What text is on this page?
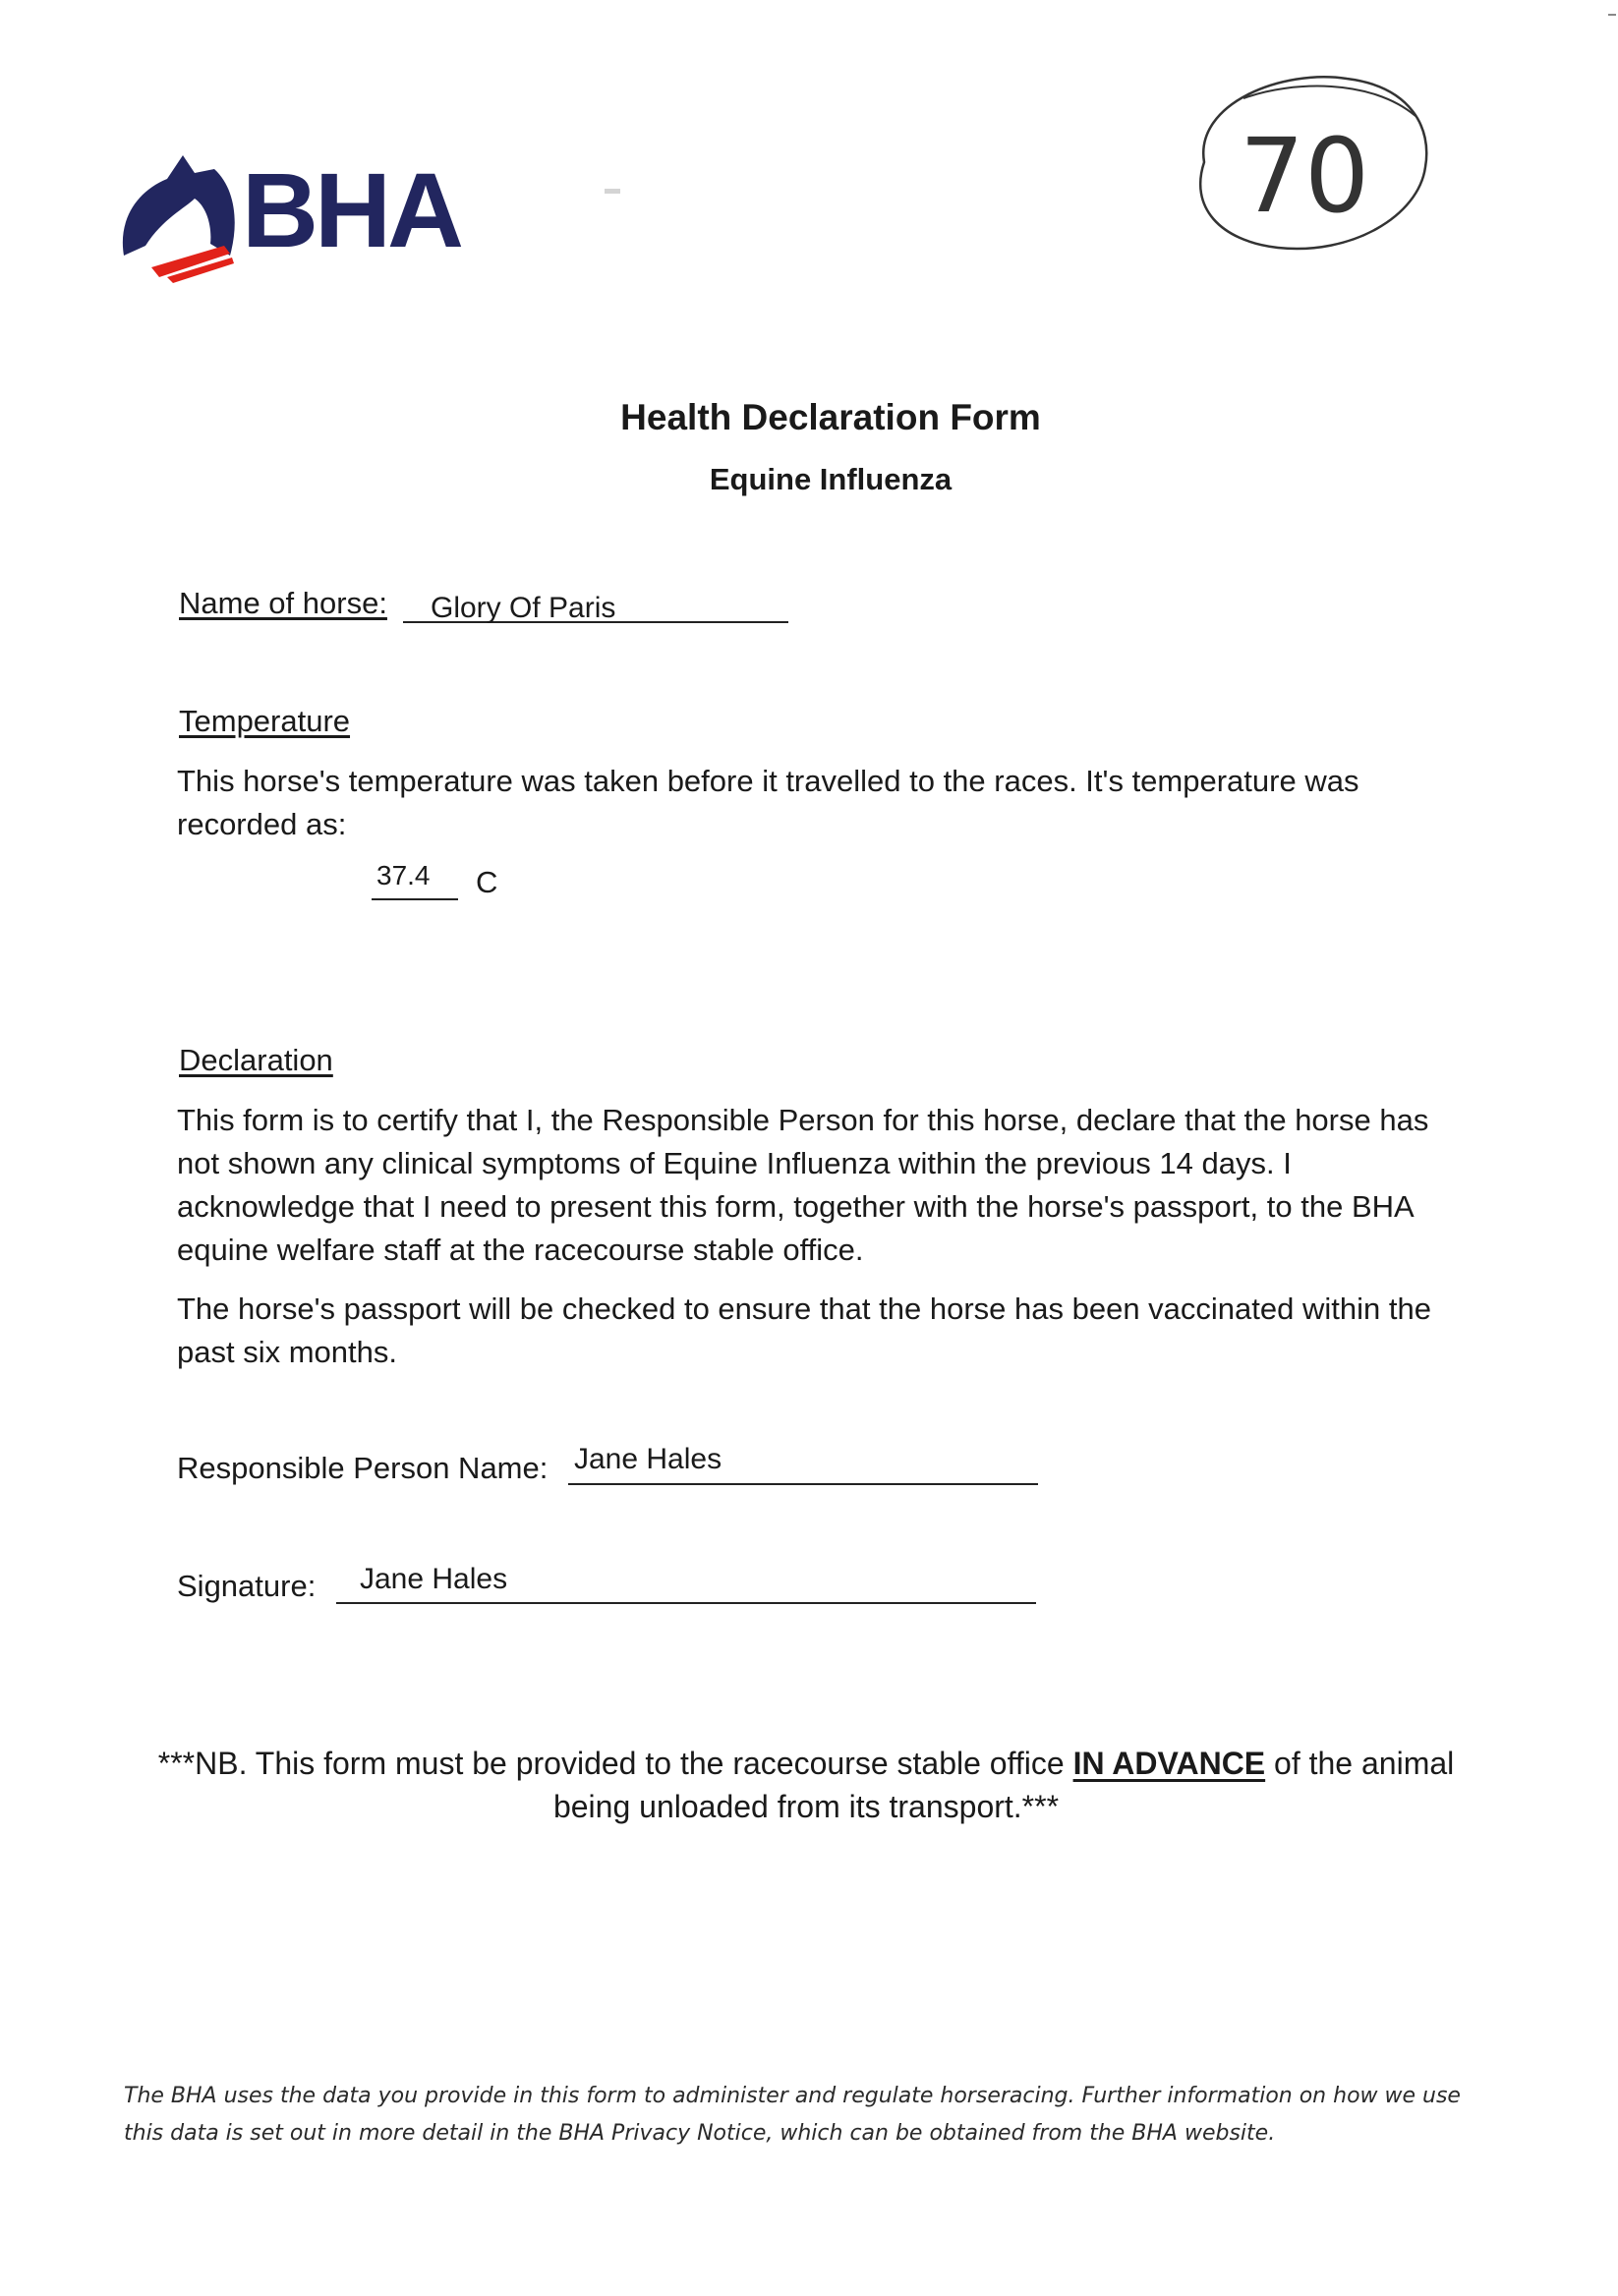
BHA	70
Health Declaration Form
Equine Influenza
Name of horse: Glory Of Paris
Temperature
This horse's temperature was taken before it travelled to the races. It's temperature was recorded as:
37.4 C
Declaration
This form is to certify that I, the Responsible Person for this horse, declare that the horse has not shown any clinical symptoms of Equine Influenza within the previous 14 days. I acknowledge that I need to present this form, together with the horse's passport, to the BHA equine welfare staff at the racecourse stable office.
The horse's passport will be checked to ensure that the horse has been vaccinated within the past six months.
Responsible Person Name: Jane Hales
Signature: Jane Hales
***NB. This form must be provided to the racecourse stable office IN ADVANCE of the animal being unloaded from its transport.***
The BHA uses the data you provide in this form to administer and regulate horseracing. Further information on how we use this data is set out in more detail in the BHA Privacy Notice, which can be obtained from the BHA website.
